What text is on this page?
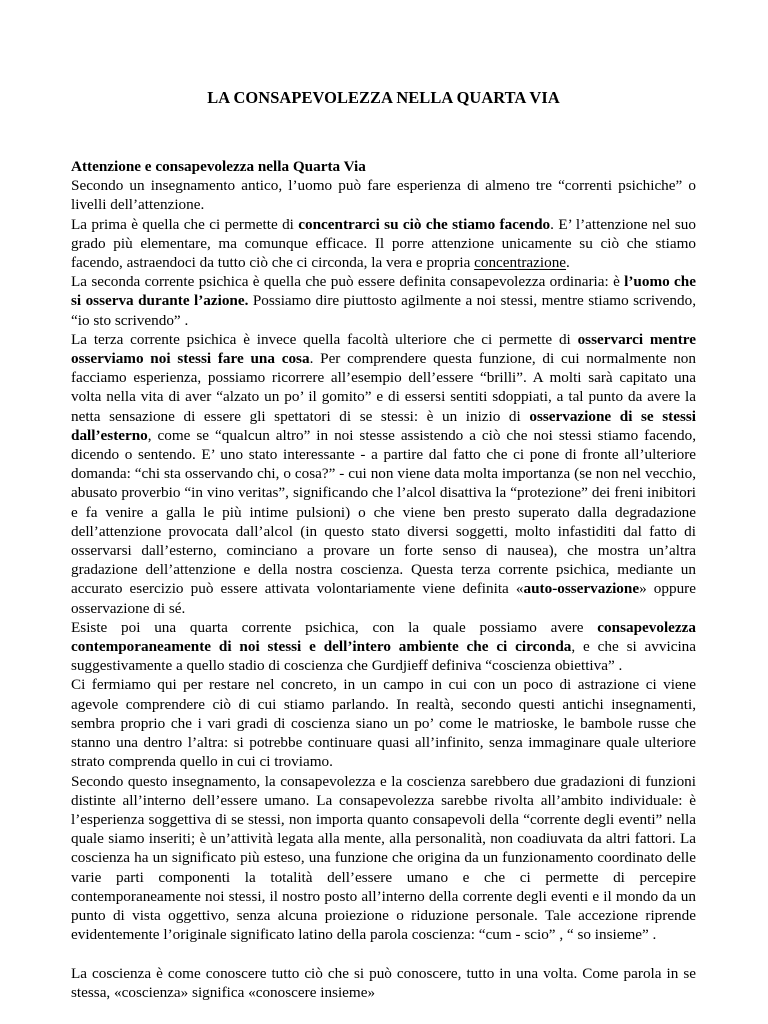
LA CONSAPEVOLEZZA NELLA QUARTA VIA

Attenzione e consapevolezza nella Quarta Via

Secondo un insegnamento antico, l’uomo può fare esperienza di almeno tre “correnti psichiche” o livelli dell’attenzione.

La prima è quella che ci permette di concentrarci su ciò che stiamo facendo. E’ l’attenzione nel suo grado più elementare, ma comunque efficace. Il porre attenzione unicamente su ciò che stiamo facendo, astraendoci da tutto ciò che ci circonda, la vera e propria concentrazione.

La seconda corrente psichica è quella che può essere definita consapevolezza ordinaria: è l’uomo che si osserva durante l’azione. Possiamo dire piuttosto agilmente a noi stessi, mentre stiamo scrivendo, “io sto scrivendo” .

La terza corrente psichica è invece quella facoltà ulteriore che ci permette di osservarci mentre osserviamo noi stessi fare una cosa. Per comprendere questa funzione, di cui normalmente non facciamo esperienza, possiamo ricorrere all’esempio dell’essere “brilli”. A molti sarà capitato una volta nella vita di aver “alzato un po’ il gomito” e di essersi sentiti sdoppiati, a tal punto da avere la netta sensazione di essere gli spettatori di se stessi: è un inizio di osservazione di se stessi dall’esterno, come se “qualcun altro” in noi stesse assistendo a ciò che noi stessi stiamo facendo, dicendo o sentendo. E’ uno stato interessante - a partire dal fatto che ci pone di fronte all’ulteriore domanda: “chi sta osservando chi, o cosa?” - cui non viene data molta importanza (se non nel vecchio, abusato proverbio “in vino veritas”, significando che l’alcol disattiva la “protezione” dei freni inibitori e fa venire a galla le più intime pulsioni) o che viene ben presto superato dalla degradazione dell’attenzione provocata dall’alcol (in questo stato diversi soggetti, molto infastiditi dal fatto di osservarsi dall’esterno, cominciano a provare un forte senso di nausea), che mostra un’altra gradazione dell’attenzione e della nostra coscienza. Questa terza corrente psichica, mediante un accurato esercizio può essere attivata volontariamente viene definita «auto-osservazione» oppure osservazione di sé.

Esiste poi una quarta corrente psichica, con la quale possiamo avere consapevolezza contemporaneamente di noi stessi e dell’intero ambiente che ci circonda, e che si avvicina suggestivamente a quello stadio di coscienza che Gurdjieff definiva “coscienza obiettiva” .

Ci fermiamo qui per restare nel concreto, in un campo in cui con un poco di astrazione ci viene agevole comprendere ciò di cui stiamo parlando. In realtà, secondo questi antichi insegnamenti, sembra proprio che i vari gradi di coscienza siano un po’ come le matrioske, le bambole russe che stanno una dentro l’altra: si potrebbe continuare quasi all’infinito, senza immaginare quale ulteriore strato comprenda quello in cui ci troviamo.

Secondo questo insegnamento, la consapevolezza e la coscienza sarebbero due gradazioni di funzioni distinte all’interno dell’essere umano. La consapevolezza sarebbe rivolta all’ambito individuale: è l’esperienza soggettiva di se stessi, non importa quanto consapevoli della “corrente degli eventi” nella quale siamo inseriti; è un’attività legata alla mente, alla personalità, non coadiuvata da altri fattori. La coscienza ha un significato più esteso, una funzione che origina da un funzionamento coordinato delle varie parti componenti la totalità dell’essere umano e che ci permette di percepire contemporaneamente noi stessi, il nostro posto all’interno della corrente degli eventi e il mondo da un punto di vista oggettivo, senza alcuna proiezione o riduzione personale. Tale accezione riprende evidentemente l’originale significato latino della parola coscienza: “cum - scio” , “ so insieme” .

La coscienza è come conoscere tutto ciò che si può conoscere, tutto in una volta. Come parola in se stessa, «coscienza» significa «conoscere insieme»
